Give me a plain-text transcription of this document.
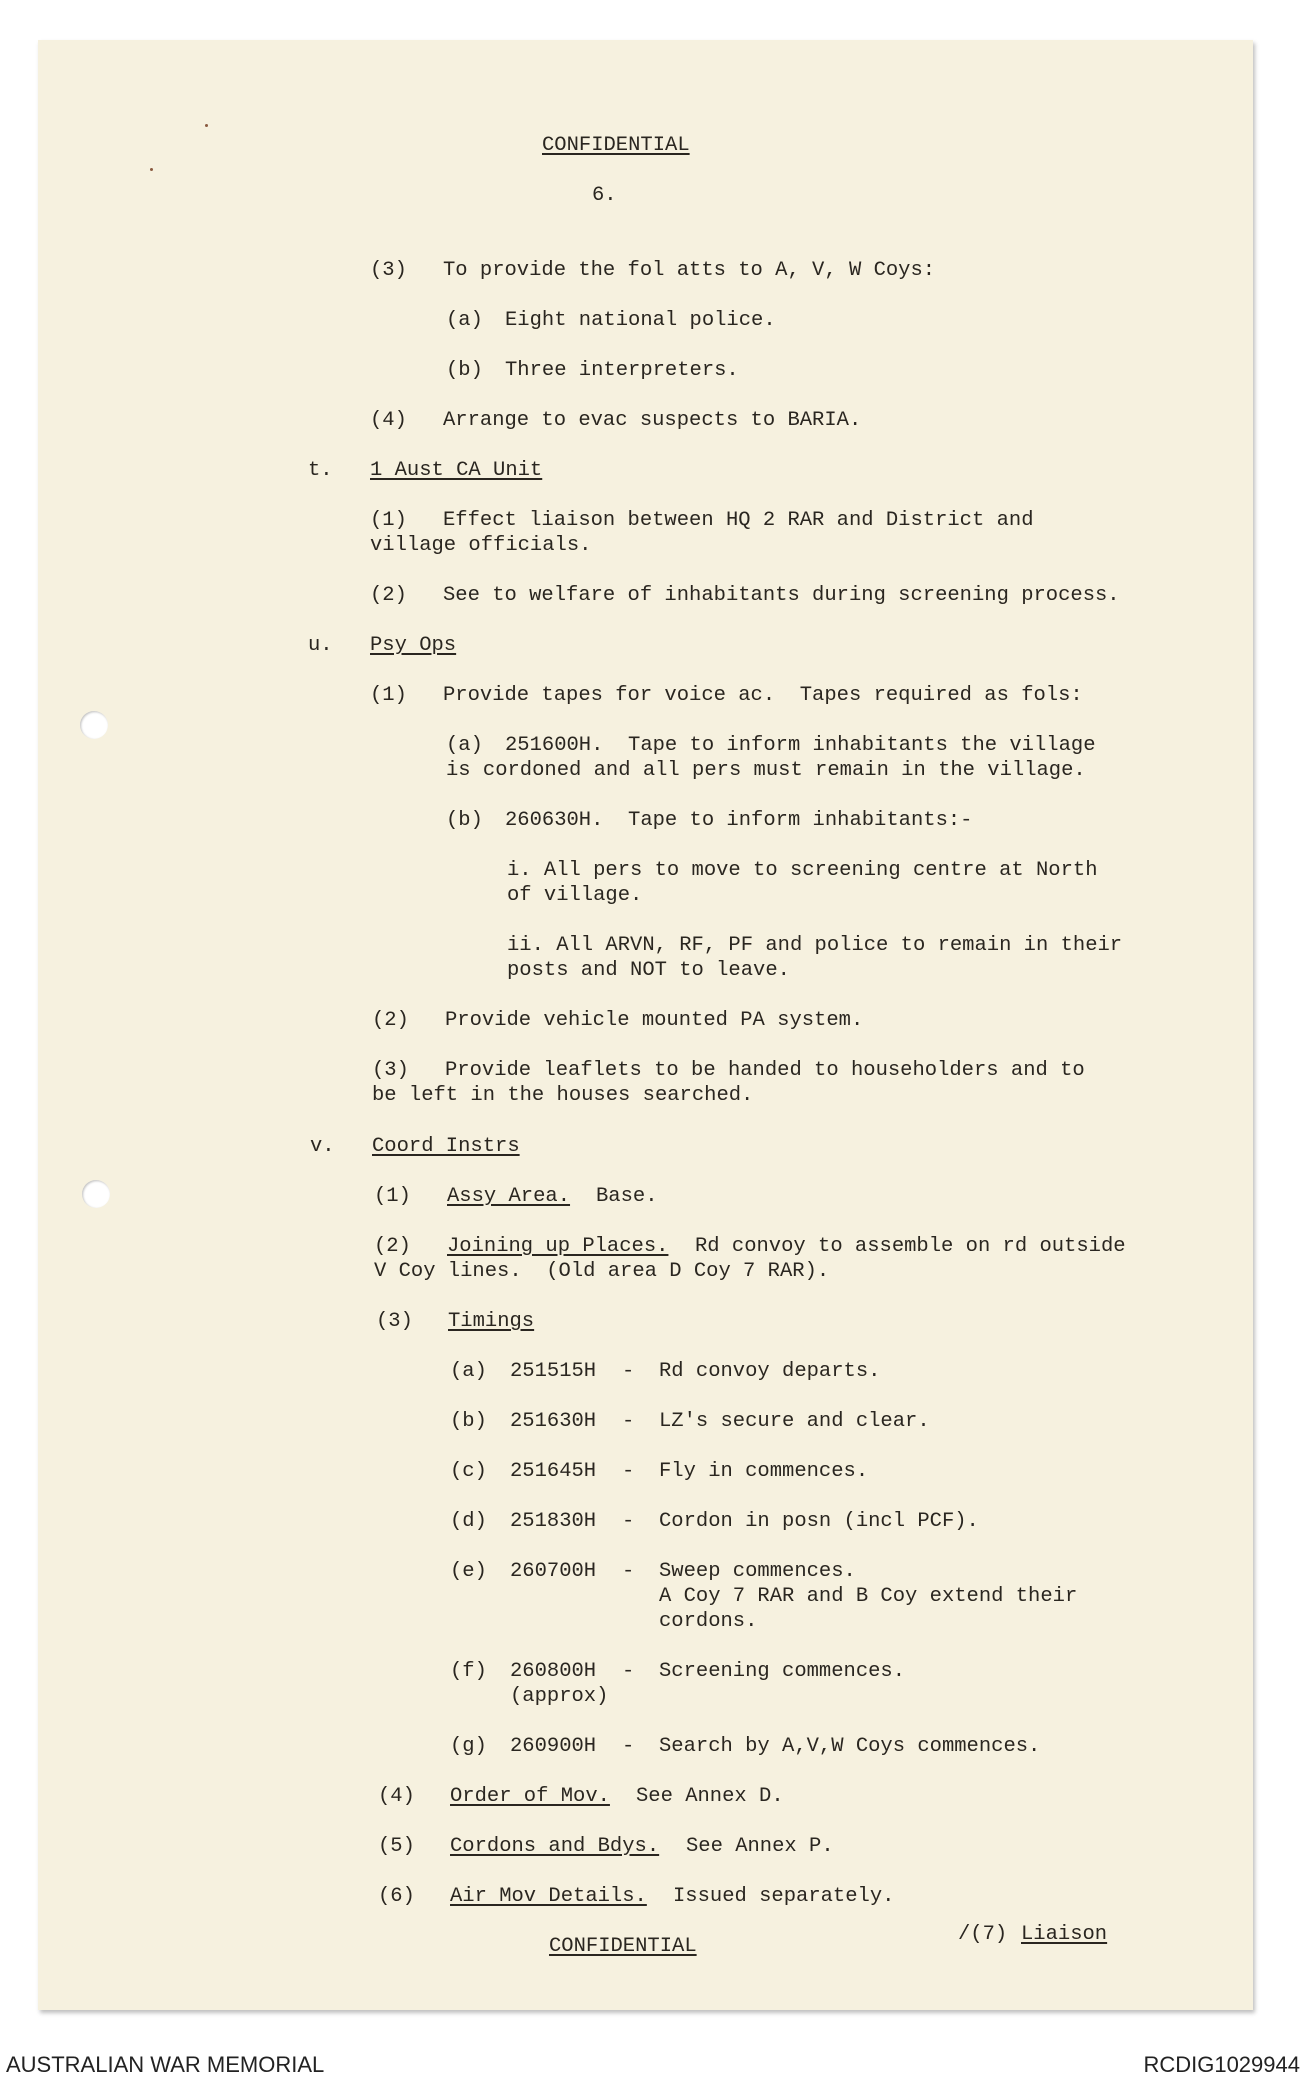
CONFIDENTIAL
6.
(3) To provide the fol atts to A, V, W Coys:
(a) Eight national police.
(b) Three interpreters.
(4) Arrange to evac suspects to BARIA.
t. 1 Aust CA Unit
(1) Effect liaison between HQ 2 RAR and District and
village officials.
(2) See to welfare of inhabitants during screening process.
u. Psy Ops
(1) Provide tapes for voice ac.  Tapes required as fols:
(a) 251600H.  Tape to inform inhabitants the village
is cordoned and all pers must remain in the village.
(b) 260630H.  Tape to inform inhabitants:-
i. All pers to move to screening centre at North
of village.
ii. All ARVN, RF, PF and police to remain in their
posts and NOT to leave.
(2) Provide vehicle mounted PA system.
(3) Provide leaflets to be handed to householders and to
be left in the houses searched.
v. Coord Instrs
(1) Assy Area. Base.
(2) Joining up Places. Rd convoy to assemble on rd outside
V Coy lines.  (Old area D Coy 7 RAR).
(3) Timings
(a) 251515H - Rd convoy departs.
(b) 251630H - LZ's secure and clear.
(c) 251645H - Fly in commences.
(d) 251830H - Cordon in posn (incl PCF).
(e) 260700H - Sweep commences.
A Coy 7 RAR and B Coy extend their
cordons.
(f) 260800H
(approx)
- Screening commences.
(g) 260900H - Search by A,V,W Coys commences.
(4) Order of Mov. See Annex D.
(5) Cordons and Bdys. See Annex P.
(6) Air Mov Details. Issued separately.
/(7) Liaison
CONFIDENTIAL
AUSTRALIAN WAR MEMORIAL	RCDIG1029944
